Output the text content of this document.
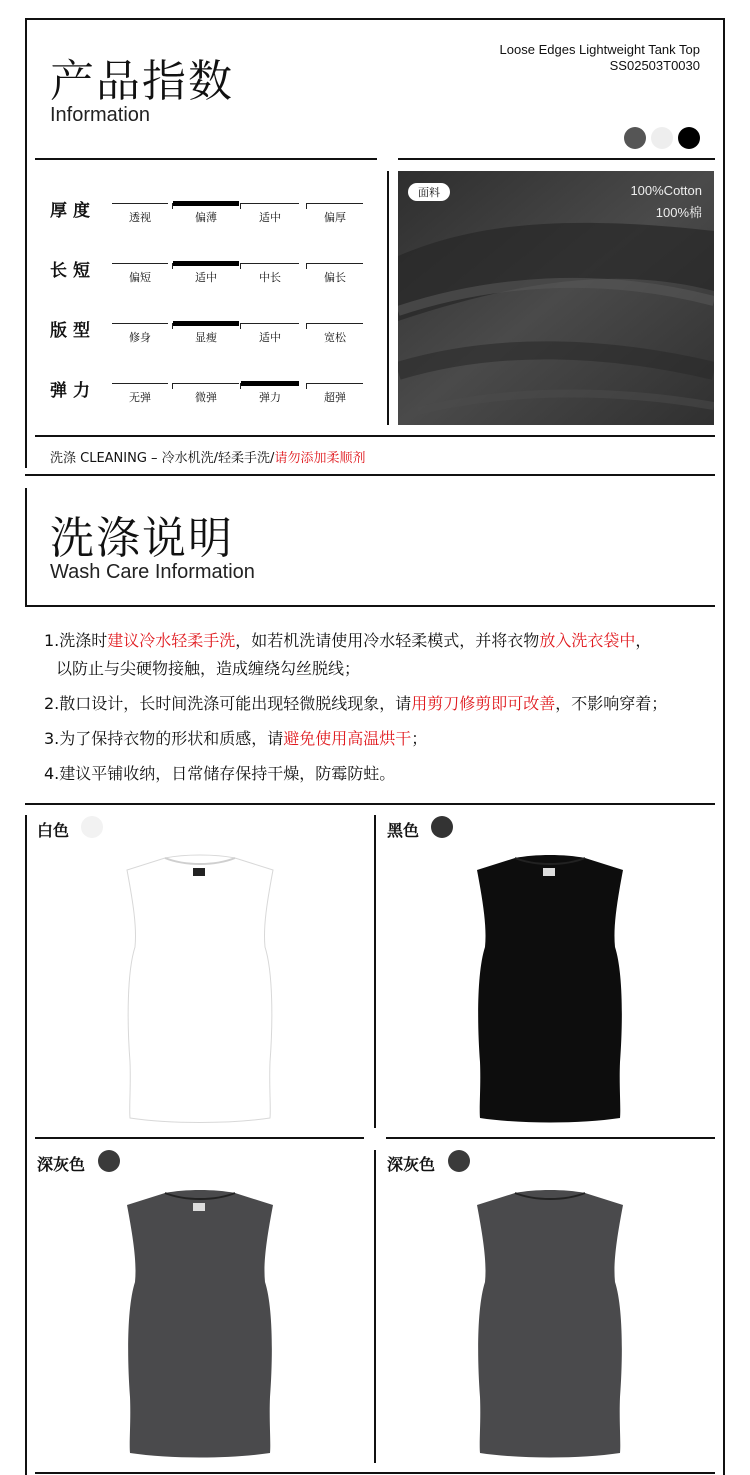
产品指数
Information
Loose Edges Lightweight Tank Top
SS02503T0030
厚度	透视	偏薄	适中	偏厚
长短	偏短	适中	中长	偏长
版型	修身	显瘦	适中	宽松
弹力	无弹	微弹	弹力	超弹
面料	100%Cotton
100%棉
洗涤 CLEANING – 冷水机洗/轻柔手洗/请勿添加柔顺剂
洗涤说明
Wash Care Information
1.洗涤时建议冷水轻柔手洗，如若机洗请使用冷水轻柔模式，并将衣物放入洗衣袋中，
以防止与尖硬物接触，造成缠绕勾丝脱线；
2.散口设计，长时间洗涤可能出现轻微脱线现象，请用剪刀修剪即可改善，不影响穿着；
3.为了保持衣物的形状和质感，请避免使用高温烘干；
4.建议平铺收纳，日常储存保持干燥，防霉防蛀。
白色	黑色
深灰色	深灰色
